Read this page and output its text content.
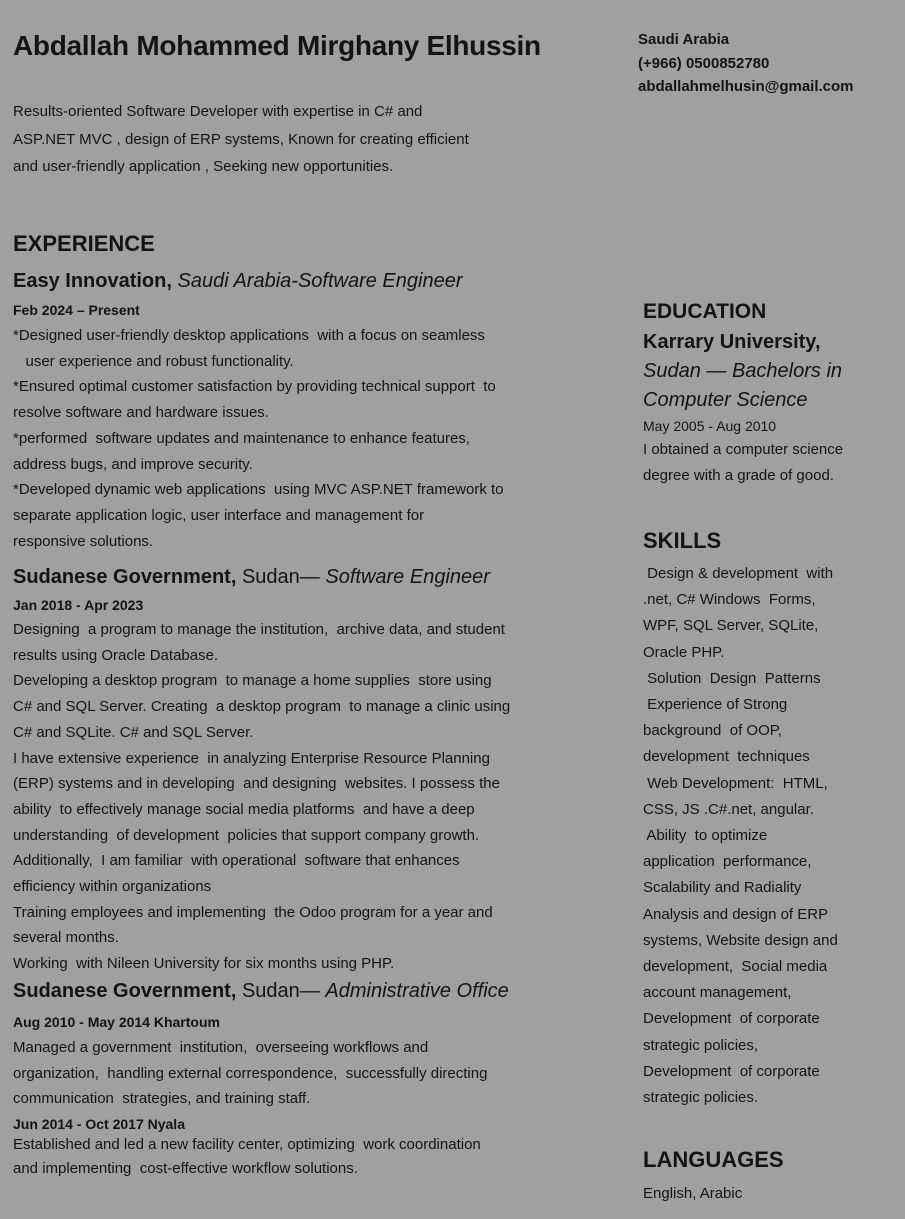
Abdallah Mohammed Mirghany Elhussin	Saudi Arabia
(+966) 0500852780
abdallahmelhusin@gmail.com
Results-oriented Software Developer with expertise in C# and
ASP.NET MVC , design of ERP systems, Known for creating efficient
and user-friendly application , Seeking new opportunities.
EXPERIENCE
Easy Innovation, Saudi Arabia-Software Engineer
Feb 2024 – Present
*Designed user-friendly desktop applications  with a focus on seamless
user experience and robust functionality.
*Ensured optimal customer satisfaction by providing technical support  to
resolve software and hardware issues.
*performed  software updates and maintenance to enhance features,
address bugs, and improve security.
*Developed dynamic web applications  using MVC ASP.NET framework to
separate application logic, user interface and management for
responsive solutions.
Sudanese Government, Sudan— Software Engineer
Jan 2018 - Apr 2023
Designing  a program to manage the institution,  archive data, and student
results using Oracle Database.
Developing a desktop program  to manage a home supplies  store using
C# and SQL Server. Creating  a desktop program  to manage a clinic using
C# and SQLite. C# and SQL Server.
I have extensive experience  in analyzing Enterprise Resource Planning
(ERP) systems and in developing  and designing  websites. I possess the
ability  to effectively manage social media platforms  and have a deep
understanding  of development  policies that support company growth.
Additionally,  I am familiar  with operational  software that enhances
efficiency within organizations
Training employees and implementing  the Odoo program for a year and
several months.
Working  with Nileen University for six months using PHP.
Sudanese Government, Sudan— Administrative Office
Aug 2010 - May 2014 Khartoum
Managed a government  institution,  overseeing workflows and
organization,  handling external correspondence,  successfully directing
communication  strategies, and training staff.
Jun 2014 - Oct 2017 Nyala
Established and led a new facility center, optimizing  work coordination
and implementing  cost-effective workflow solutions.
EDUCATION
Karrary University,
Sudan — Bachelors in
Computer Science
May 2005 - Aug 2010
I obtained a computer science
degree with a grade of good.
SKILLS
Design & development  with
.net, C# Windows  Forms,
WPF, SQL Server, SQLite,
Oracle PHP.
Solution  Design  Patterns
Experience of Strong
background  of OOP,
development  techniques
Web Development:  HTML,
CSS, JS .C#.net, angular.
Ability  to optimize
application  performance,
Scalability and Radiality
Analysis and design of ERP
systems, Website design and
development,  Social media
account management,
Development  of corporate
strategic policies,
Development  of corporate
strategic policies.
LANGUAGES
English, Arabic
